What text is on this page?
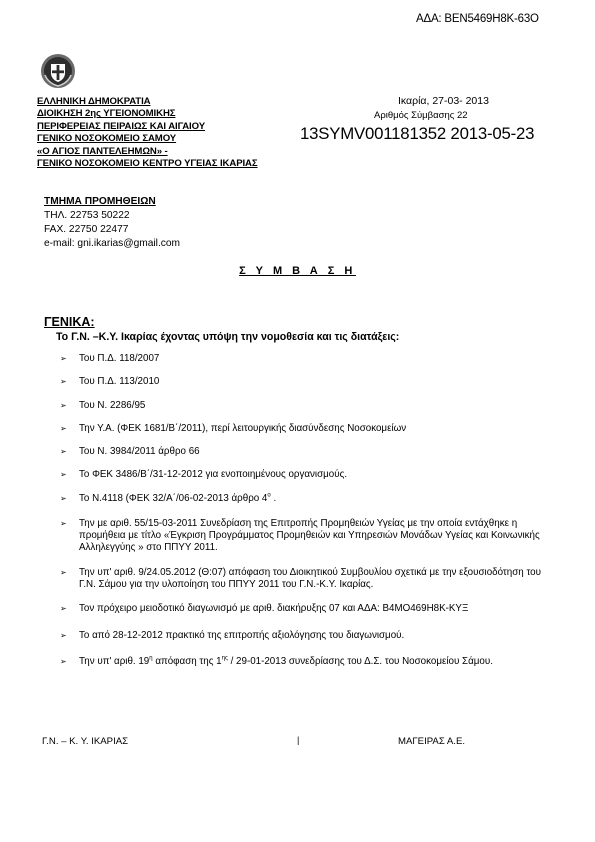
ΑΔΑ: ΒΕΝ5469Η8Κ-63Ο
ΕΛΛΗΝΙΚΗ ΔΗΜΟΚΡΑΤΙΑ
ΔΙΟΙΚΗΣΗ 2ης ΥΓΕΙΟΝΟΜΙΚΗΣ
ΠΕΡΙΦΕΡΕΙΑΣ ΠΕΙΡΑΙΩΣ ΚΑΙ ΑΙΓΑΙΟΥ
ΓΕΝΙΚΟ ΝΟΣΟΚΟΜΕΙΟ ΣΑΜΟΥ
«Ο ΑΓΙΟΣ ΠΑΝΤΕΛΕΗΜΩΝ» -
ΓΕΝΙΚΟ ΝΟΣΟΚΟΜΕΙΟ ΚΕΝΤΡΟ ΥΓΕΙΑΣ ΙΚΑΡΙΑΣ
Ικαρία, 27-03- 2013
Αριθμός Σύμβασης 22
13SYMV001181352 2013-05-23
ΤΜΗΜΑ ΠΡΟΜΗΘΕΙΩΝ
ΤΗΛ. 22753 50222
FAX. 22750 22477
e-mail: gni.ikarias@gmail.com
Σ Υ Μ Β Α Σ Η
ΓΕΝΙΚΑ:
Το Γ.Ν. –Κ.Υ. Ικαρίας έχοντας υπόψη την νομοθεσία και τις διατάξεις:
➢	Του Π.Δ. 118/2007
➢	Του Π.Δ. 113/2010
➢	Του Ν. 2286/95
➢	Την Υ.Α. (ΦΕΚ 1681/Β΄/2011), περί λειτουργικής διασύνδεσης Νοσοκομείων
➢	Του Ν. 3984/2011 άρθρο 66
➢	Το ΦΕΚ 3486/Β΄/31-12-2012 για ενοποιημένους οργανισμούς.
➢	Το Ν.4118 (ΦΕΚ 32/Α΄/06-02-2013 άρθρο $4^o$ .
➢	Την με αριθ. 55/15-03-2011 Συνεδρίαση της Επιτροπής Προμηθειών Υγείας με την οποία εντάχθηκε η προμήθεια με τίτλο «Έγκριση Προγράμματος Προμηθειών και Υπηρεσιών Μονάδων Υγείας και Κοινωνικής Αλληλεγγύης » στο ΠΠΥΥ 2011.
➢	Την υπ' αριθ. 9/24.05.2012 (Θ:07) απόφαση του Διοικητικού Συμβουλίου σχετικά με την εξουσιοδότηση του Γ.Ν. Σάμου για την υλοποίηση του ΠΠΥΥ 2011 του Γ.Ν.-Κ.Υ. Ικαρίας.
➢	Τον πρόχειρο μειοδοτικό διαγωνισμό με αριθ. διακήρυξης 07 και ΑΔΑ: Β4ΜΟ469Η8Κ-ΚΥΞ
➢	Το από 28-12-2012 πρακτικό της επιτροπής αξιολόγησης του διαγωνισμού.
➢	Την υπ' αριθ. $19^\eta$ απόφαση της $1^{\eta\varsigma} / 29-01-2013$ συνεδρίασης του Δ.Σ. του Νοσοκομείου Σάμου.
Γ.Ν. – Κ. Υ. ΙΚΑΡΙΑΣ	|	ΜΑΓΕΙΡΑΣ Α.Ε.
